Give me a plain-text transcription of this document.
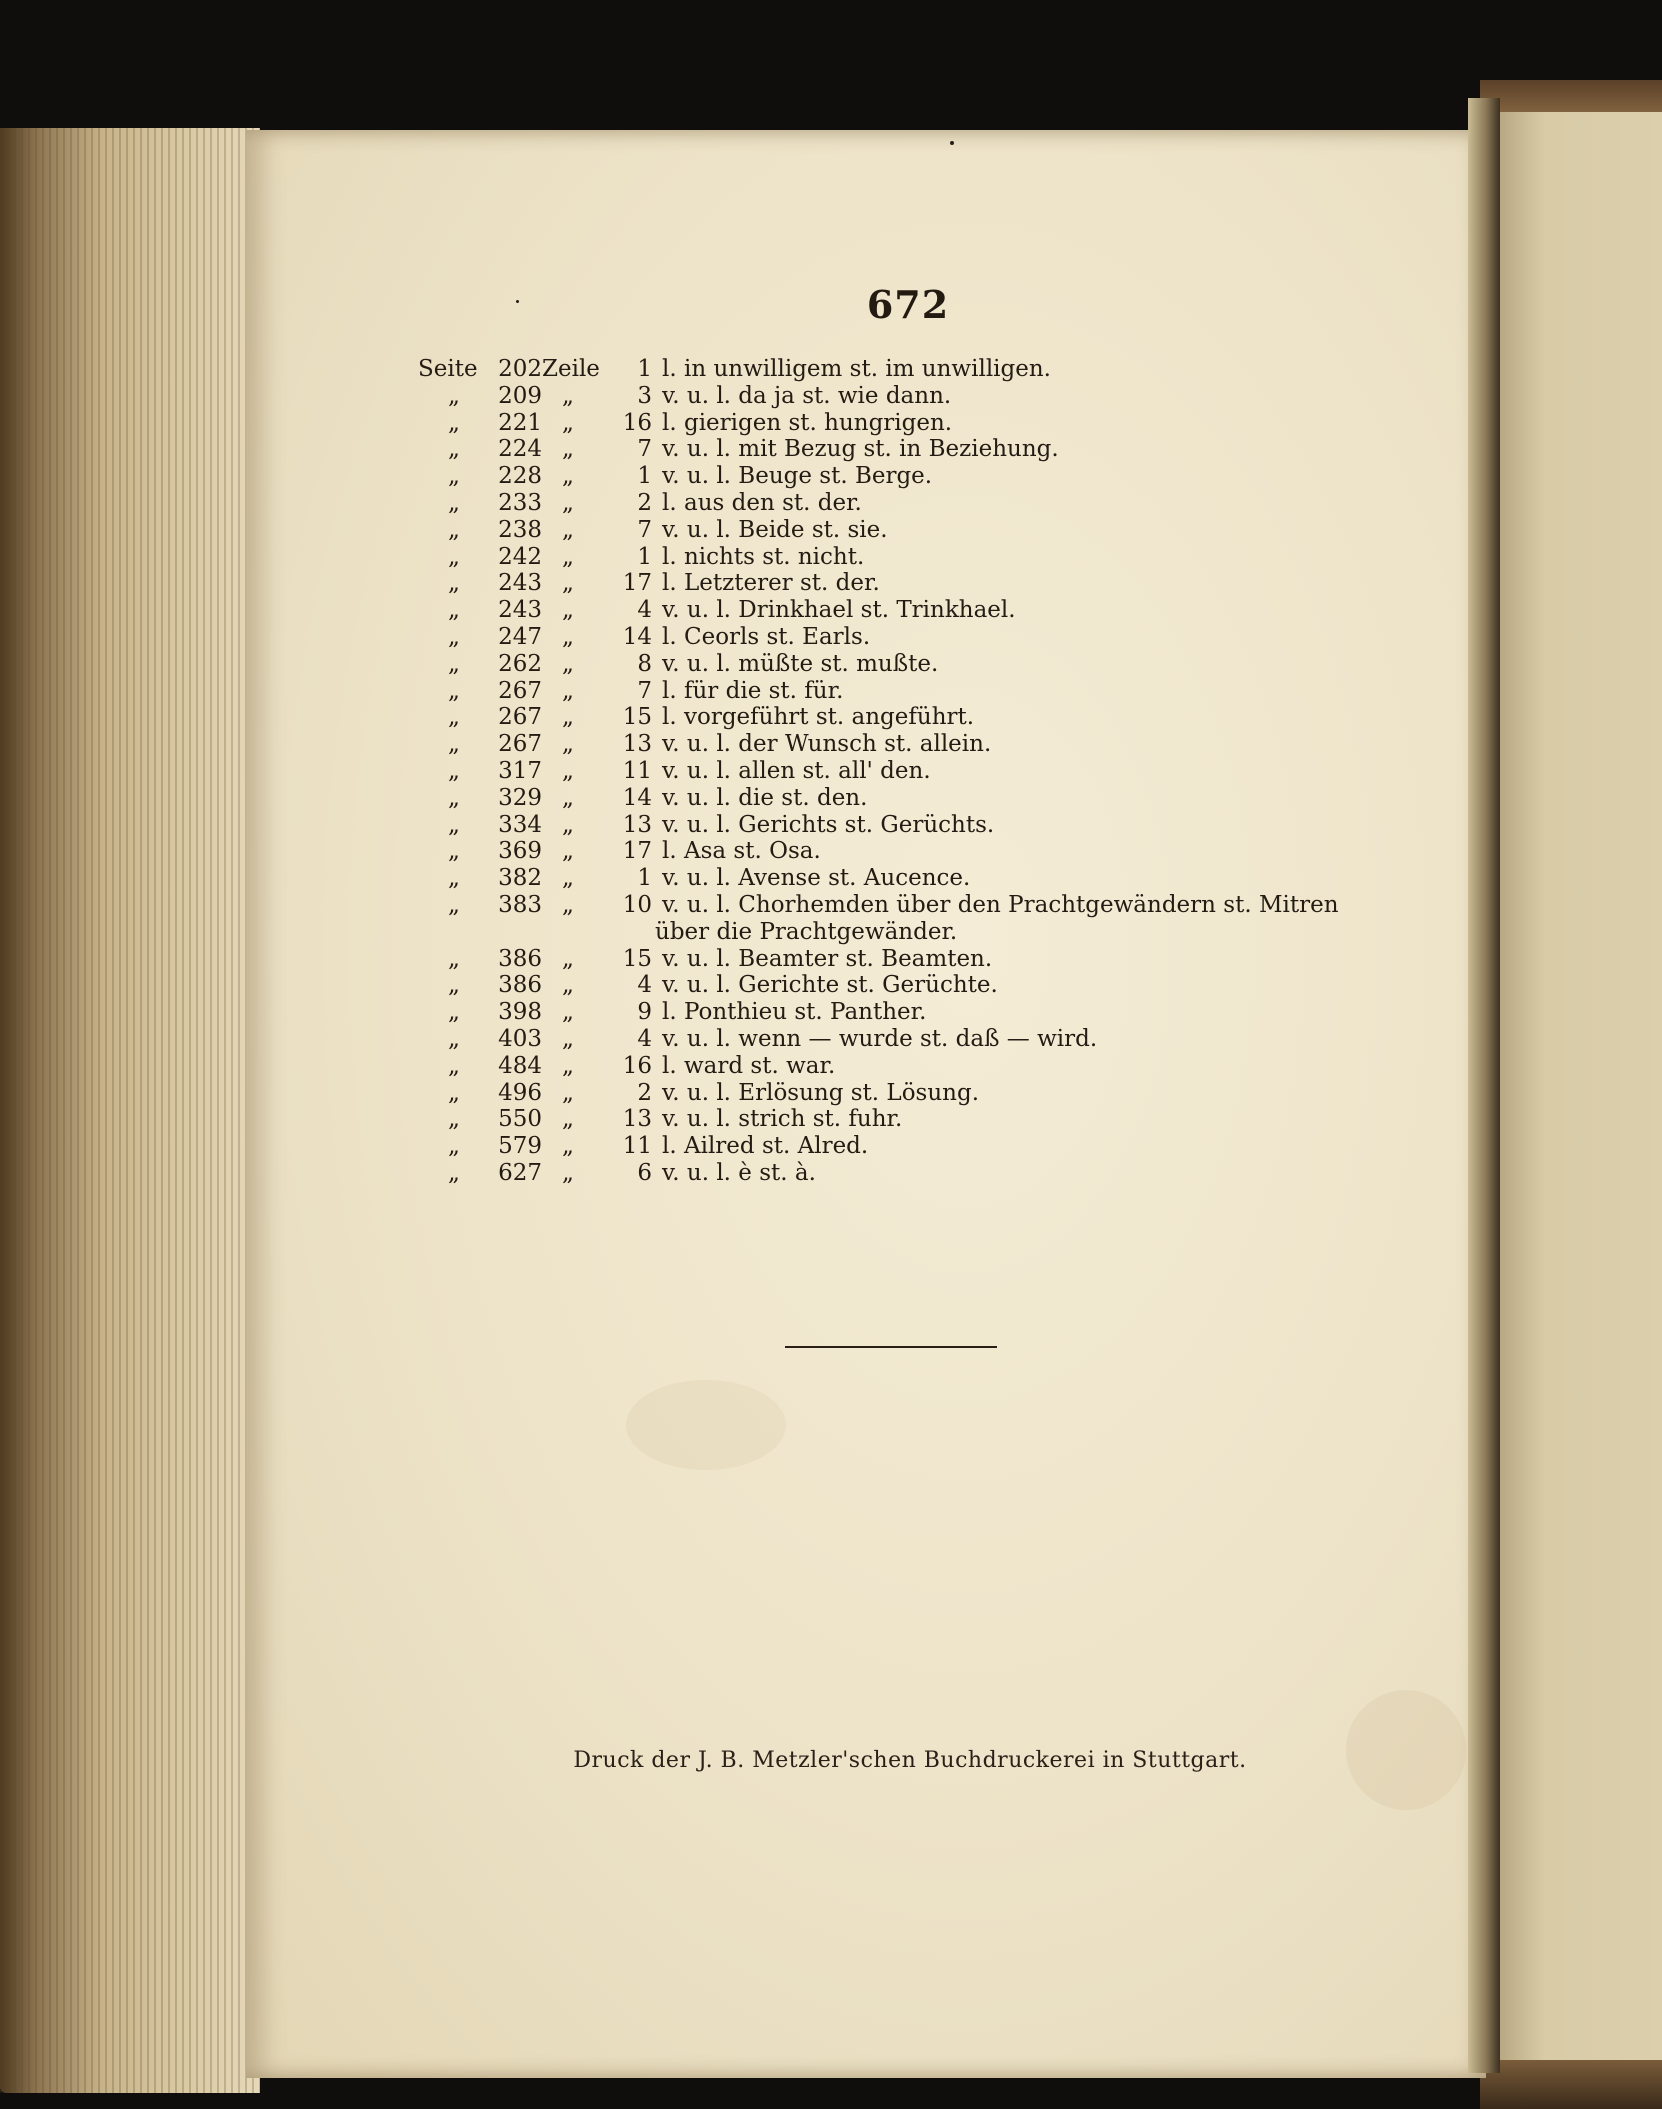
672
Seite 202 Zeile	1 l. in unwilligem st. im unwilligen.
„	209 „	3 v. u. l. da ja st. wie dann.
„	221 „	16 l. gierigen st. hungrigen.
„	224 „	7 v. u. l. mit Bezug st. in Beziehung.
„	228 „	1 v. u. l. Beuge st. Berge.
„	233 „	2 l. aus den st. der.
„	238 „	7 v. u. l. Beide st. sie.
„	242 „	1 l. nichts st. nicht.
„	243 „	17 l. Letzterer st. der.
„	243 „	4 v. u. l. Drinkhael st. Trinkhael.
„	247 „	14 l. Ceorls st. Earls.
„	262 „	8 v. u. l. müßte st. mußte.
„	267 „	7 l. für die st. für.
„	267 „	15 l. vorgeführt st. angeführt.
„	267 „	13 v. u. l. der Wunsch st. allein.
„	317 „	11 v. u. l. allen st. all' den.
„	329 „	14 v. u. l. die st. den.
„	334 „	13 v. u. l. Gerichts st. Gerüchts.
„	369 „	17 l. Asa st. Osa.
„	382 „	1 v. u. l. Avense st. Aucence.
„	383 „	10 v. u. l. Chorhemden über den Prachtgewändern st. Mitren
über die Prachtgewänder.
„	386 „	15 v. u. l. Beamter st. Beamten.
„	386 „	4 v. u. l. Gerichte st. Gerüchte.
„	398 „	9 l. Ponthieu st. Panther.
„	403 „	4 v. u. l. wenn — wurde st. daß — wird.
„	484 „	16 l. ward st. war.
„	496 „	2 v. u. l. Erlösung st. Lösung.
„	550 „	13 v. u. l. strich st. fuhr.
„	579 „	11 l. Ailred st. Alred.
„	627 „	6 v. u. l. è st. à.
Druck der J. B. Metzler'schen Buchdruckerei in Stuttgart.
